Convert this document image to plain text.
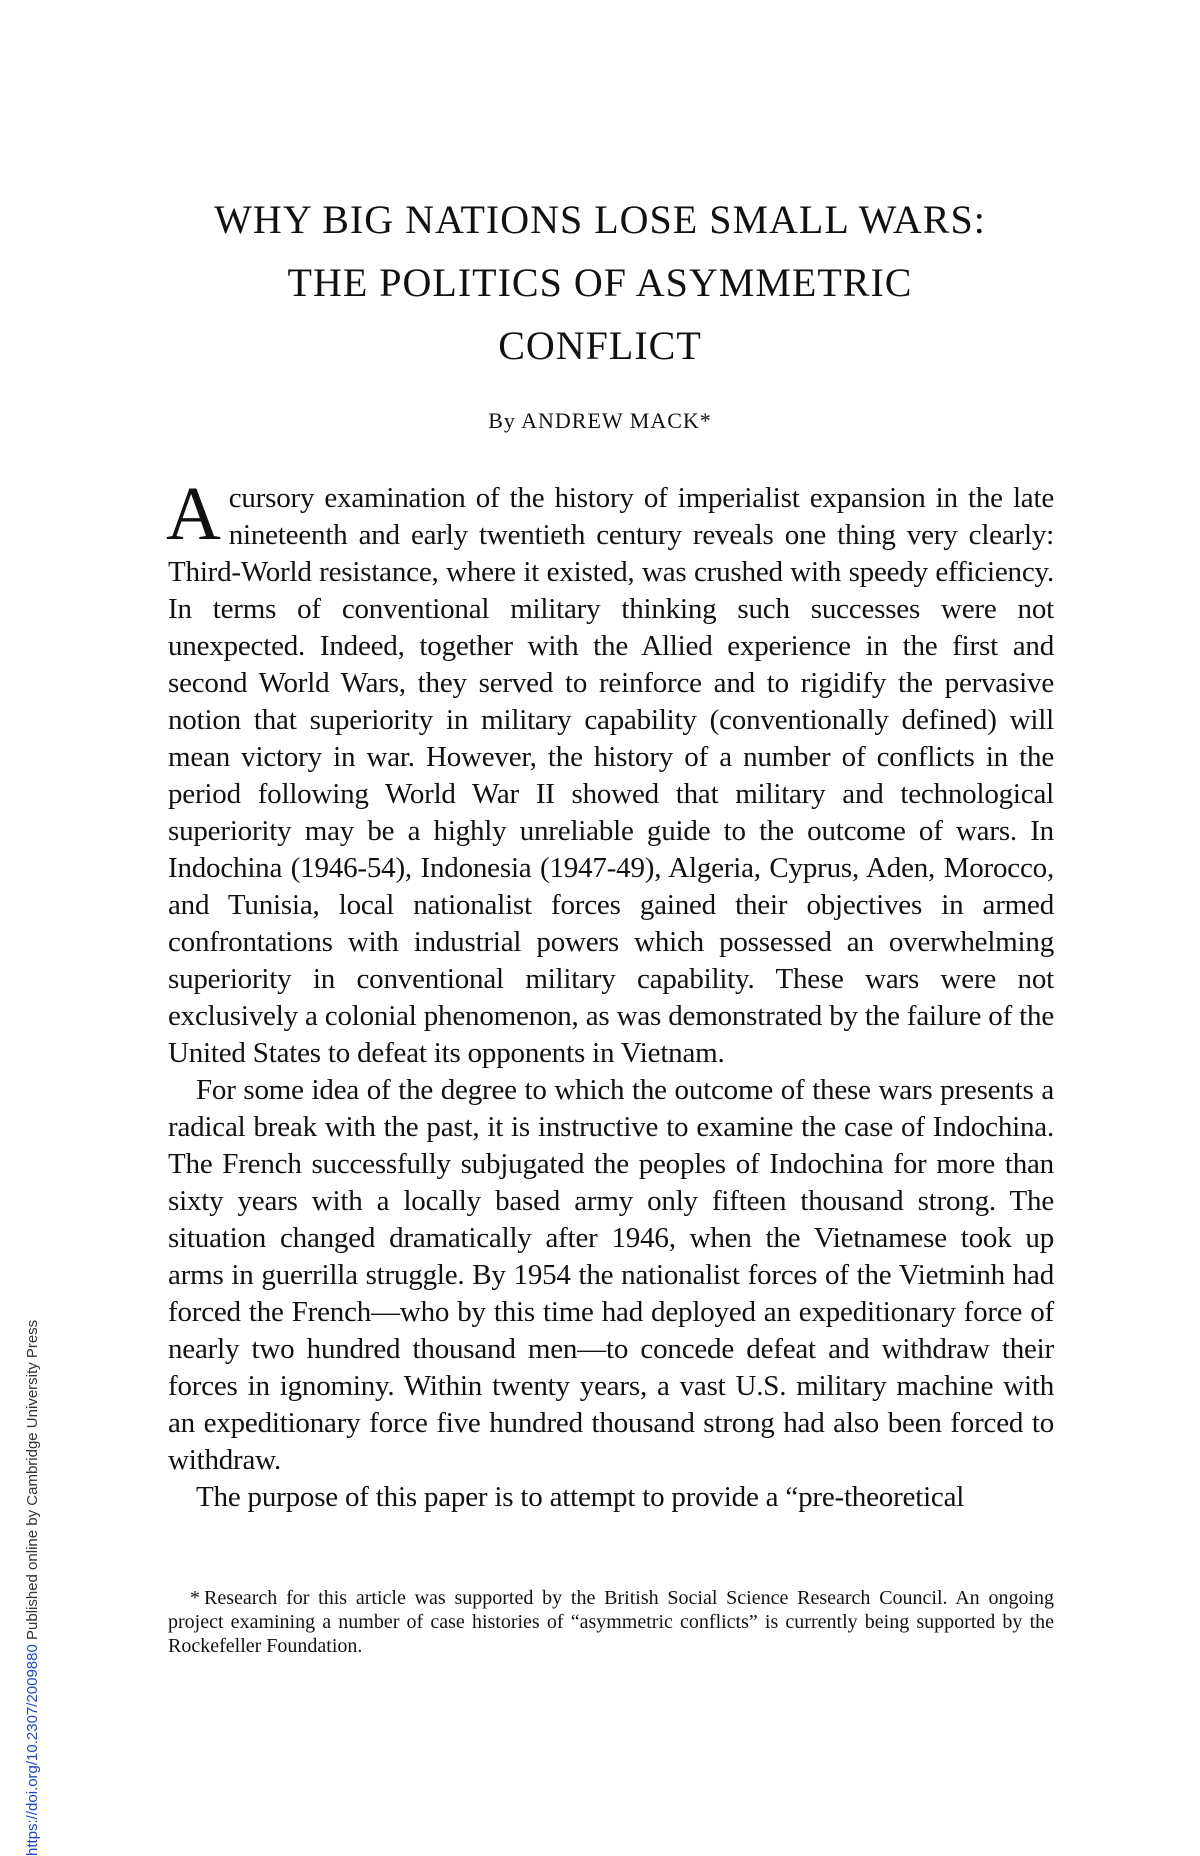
WHY BIG NATIONS LOSE SMALL WARS:
THE POLITICS OF ASYMMETRIC
CONFLICT
By ANDREW MACK*

Acursory examination of the history of imperialist expansion in the late nineteenth and early twentieth century reveals one thing very clearly: Third-World resistance, where it existed, was crushed with speedy efficiency. In terms of conventional military thinking such successes were not unexpected. Indeed, together with the Allied experience in the first and second World Wars, they served to reinforce and to rigidify the pervasive notion that superiority in military capability (conventionally defined) will mean victory in war. However, the history of a number of conflicts in the period following World War II showed that military and technological superiority may be a highly unreliable guide to the outcome of wars. In Indochina (1946-54), Indonesia (1947-49), Algeria, Cyprus, Aden, Morocco, and Tunisia, local nationalist forces gained their objectives in armed confrontations with industrial powers which possessed an overwhelming superiority in conventional military capability. These wars were not exclusively a colonial phenomenon, as was demonstrated by the failure of the United States to defeat its opponents in Vietnam.

For some idea of the degree to which the outcome of these wars presents a radical break with the past, it is instructive to examine the case of Indochina. The French successfully subjugated the peoples of Indochina for more than sixty years with a locally based army only fifteen thousand strong. The situation changed dramatically after 1946, when the Vietnamese took up arms in guerrilla struggle. By 1954 the nationalist forces of the Vietminh had forced the French—who by this time had deployed an expeditionary force of nearly two hundred thousand men—to concede defeat and withdraw their forces in ignominy. Within twenty years, a vast U.S. military machine with an expeditionary force five hundred thousand strong had also been forced to withdraw.

The purpose of this paper is to attempt to provide a “pre-theoretical

* Research for this article was supported by the British Social Science Research Council. An ongoing project examining a number of case histories of “asymmetric conflicts” is currently being supported by the Rockefeller Foundation.
https://doi.org/10.2307/2009880 Published online by Cambridge University Press
